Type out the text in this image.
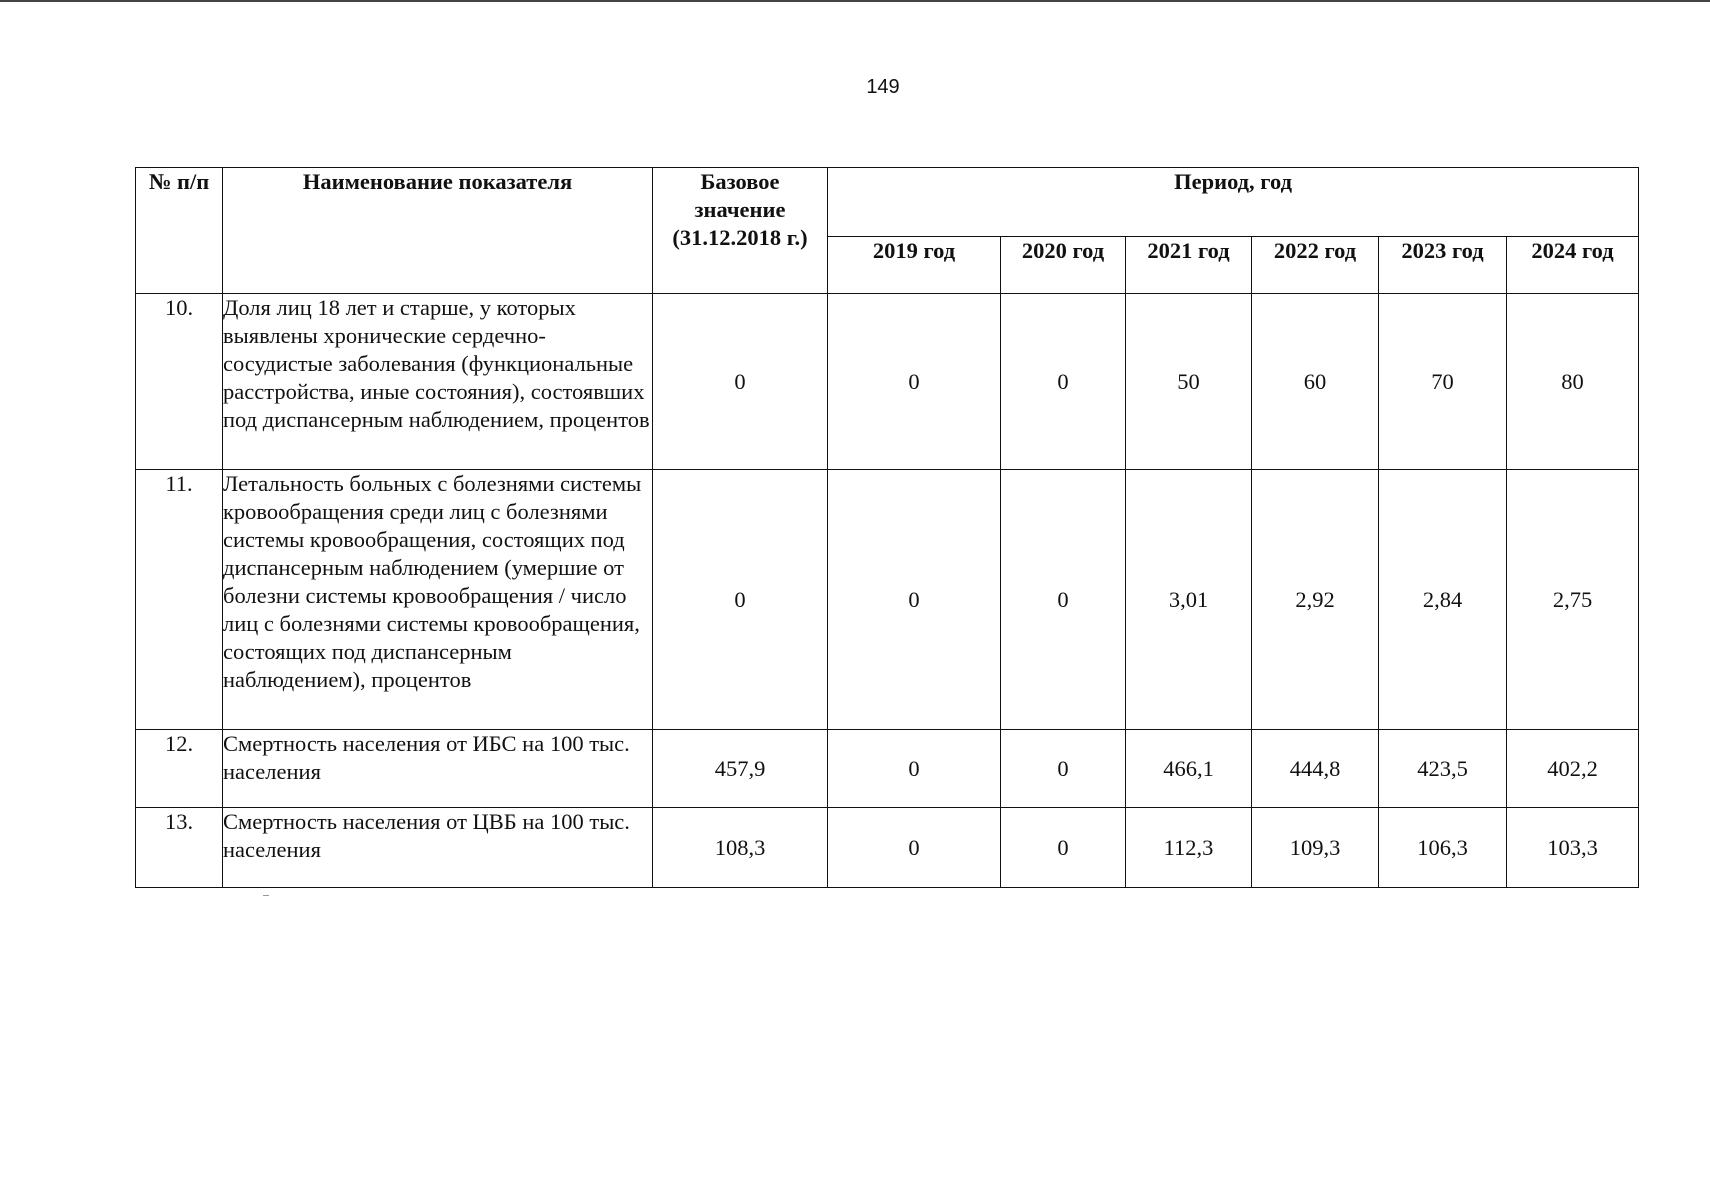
149
№ п/п	Наименование показателя	Базовое значение (31.12.2018 г.)	Период, год					
			2019 год	2020 год	2021 год	2022 год	2023 год	2024 год
10.	Доля лиц 18 лет и старше, у которых выявлены хронические сердечно-сосудистые заболевания (функциональные расстройства, иные состояния), состоявших под диспансерным наблюдением, процентов	0	0	0	50	60	70	80
11.	Летальность больных с болезнями системы кровообращения среди лиц с болезнями системы кровообращения, состоящих под диспансерным наблюдением (умершие от болезни системы кровообращения / число лиц с болезнями системы кровообращения, состоящих под диспансерным наблюдением), процентов	0	0	0	3,01	2,92	2,84	2,75
12.	Смертность населения от ИБС на 100 тыс. населения	457,9	0	0	466,1	444,8	423,5	402,2
13.	Смертность населения от ЦВБ на 100 тыс. населения	108,3	0	0	112,3	109,3	106,3	103,3
